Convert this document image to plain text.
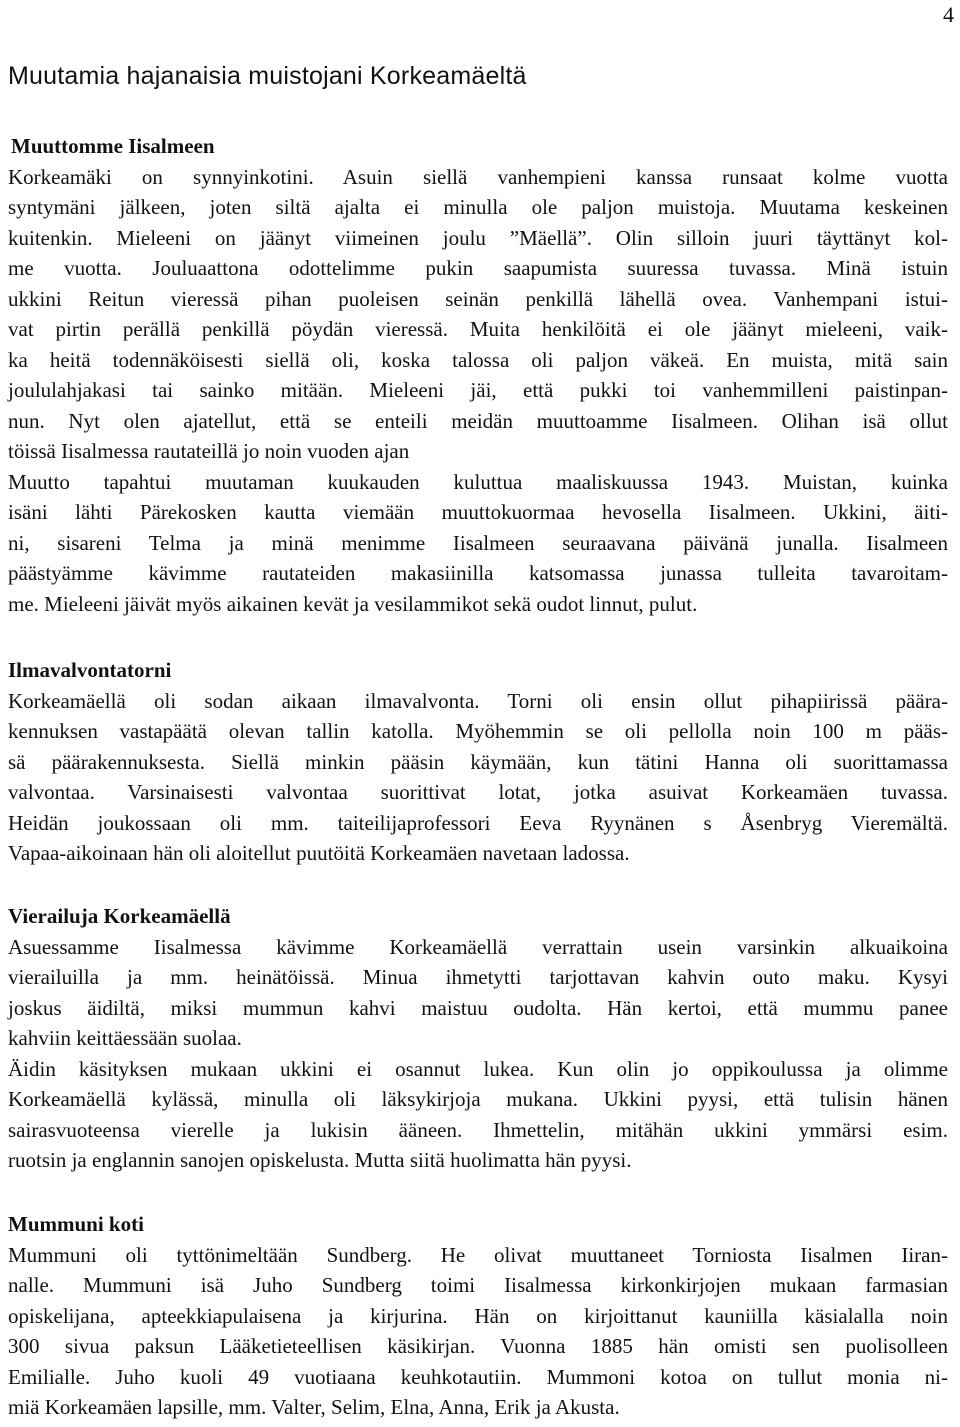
4
Muutamia hajanaisia muistojani Korkeamäeltä
Muuttomme Iisalmeen

Korkeamäki on synnyinkotini. Asuin siellä vanhempieni kanssa runsaat kolme vuotta
syntymäni jälkeen, joten siltä ajalta ei minulla ole paljon muistoja. Muutama keskeinen
kuitenkin. Mieleeni on jäänyt viimeinen joulu ”Mäellä”. Olin silloin juuri täyttänyt kol-
me vuotta. Jouluaattona odottelimme pukin saapumista suuressa tuvassa. Minä istuin
ukkini Reitun vieressä pihan puoleisen seinän penkillä lähellä ovea. Vanhempani istui-
vat pirtin perällä penkillä pöydän vieressä. Muita henkilöitä ei ole jäänyt mieleeni, vaik-
ka heitä todennäköisesti siellä oli, koska talossa oli paljon väkeä. En muista, mitä sain
joululahjakasi tai sainko mitään. Mieleeni jäi, että pukki toi vanhemmilleni paistinpan-
nun. Nyt olen ajatellut, että se enteili meidän muuttoamme Iisalmeen. Olihan isä ollut
töissä Iisalmessa rautateillä jo noin vuoden ajan
Muutto tapahtui muutaman kuukauden kuluttua maaliskuussa 1943. Muistan, kuinka
isäni lähti Pärekosken kautta viemään muuttokuormaa hevosella Iisalmeen. Ukkini, äiti-
ni, sisareni Telma ja minä menimme Iisalmeen seuraavana päivänä junalla. Iisalmeen
päästyämme kävimme rautateiden makasiinilla katsomassa junassa tulleita tavaroitam-
me. Mieleeni jäivät myös aikainen kevät ja vesilammikot sekä oudot linnut, pulut.

Ilmavalvontatorni

Korkeamäellä oli sodan aikaan ilmavalvonta. Torni oli ensin ollut pihapiirissä päära-
kennuksen vastapäätä olevan tallin katolla. Myöhemmin se oli pellolla noin 100 m pääs-
sä päärakennuksesta. Siellä minkin pääsin käymään, kun tätini Hanna oli suorittamassa
valvontaa. Varsinaisesti valvontaa suorittivat lotat, jotka asuivat Korkeamäen tuvassa.
Heidän joukossaan oli mm. taiteilijaprofessori Eeva Ryynänen s Åsenbryg Vieremältä.
Vapaa-aikoinaan hän oli aloitellut puutöitä Korkeamäen navetaan ladossa.

Vierailuja Korkeamäellä

Asuessamme Iisalmessa kävimme Korkeamäellä verrattain usein varsinkin alkuaikoina
vierailuilla ja mm. heinätöissä. Minua ihmetytti tarjottavan kahvin outo maku. Kysyi
joskus äidiltä, miksi mummun kahvi maistuu oudolta. Hän kertoi, että mummu panee
kahviin keittäessään suolaa.

Äidin käsityksen mukaan ukkini ei osannut lukea. Kun olin jo oppikoulussa ja olimme
Korkeamäellä kylässä, minulla oli läksykirjoja mukana. Ukkini pyysi, että tulisin hänen
sairasvuoteensa vierelle ja lukisin ääneen. Ihmettelin, mitähän ukkini ymmärsi esim.
ruotsin ja englannin sanojen opiskelusta. Mutta siitä huolimatta hän pyysi.

Mummuni koti

Mummuni oli tyttönimeltään Sundberg. He olivat muuttaneet Torniosta Iisalmen Iiran-
nalle. Mummuni isä Juho Sundberg toimi Iisalmessa kirkonkirjojen mukaan farmasian
opiskelijana, apteekkiapulaisena ja kirjurina. Hän on kirjoittanut kauniilla käsialalla noin
300 sivua paksun Lääketieteellisen käsikirjan. Vuonna 1885 hän omisti sen puolisolleen
Emilialle. Juho kuoli 49 vuotiaana keuhkotautiin. Mummoni kotoa on tullut monia ni-
miä Korkeamäen lapsille, mm. Valter, Selim, Elna, Anna, Erik ja Akusta.
